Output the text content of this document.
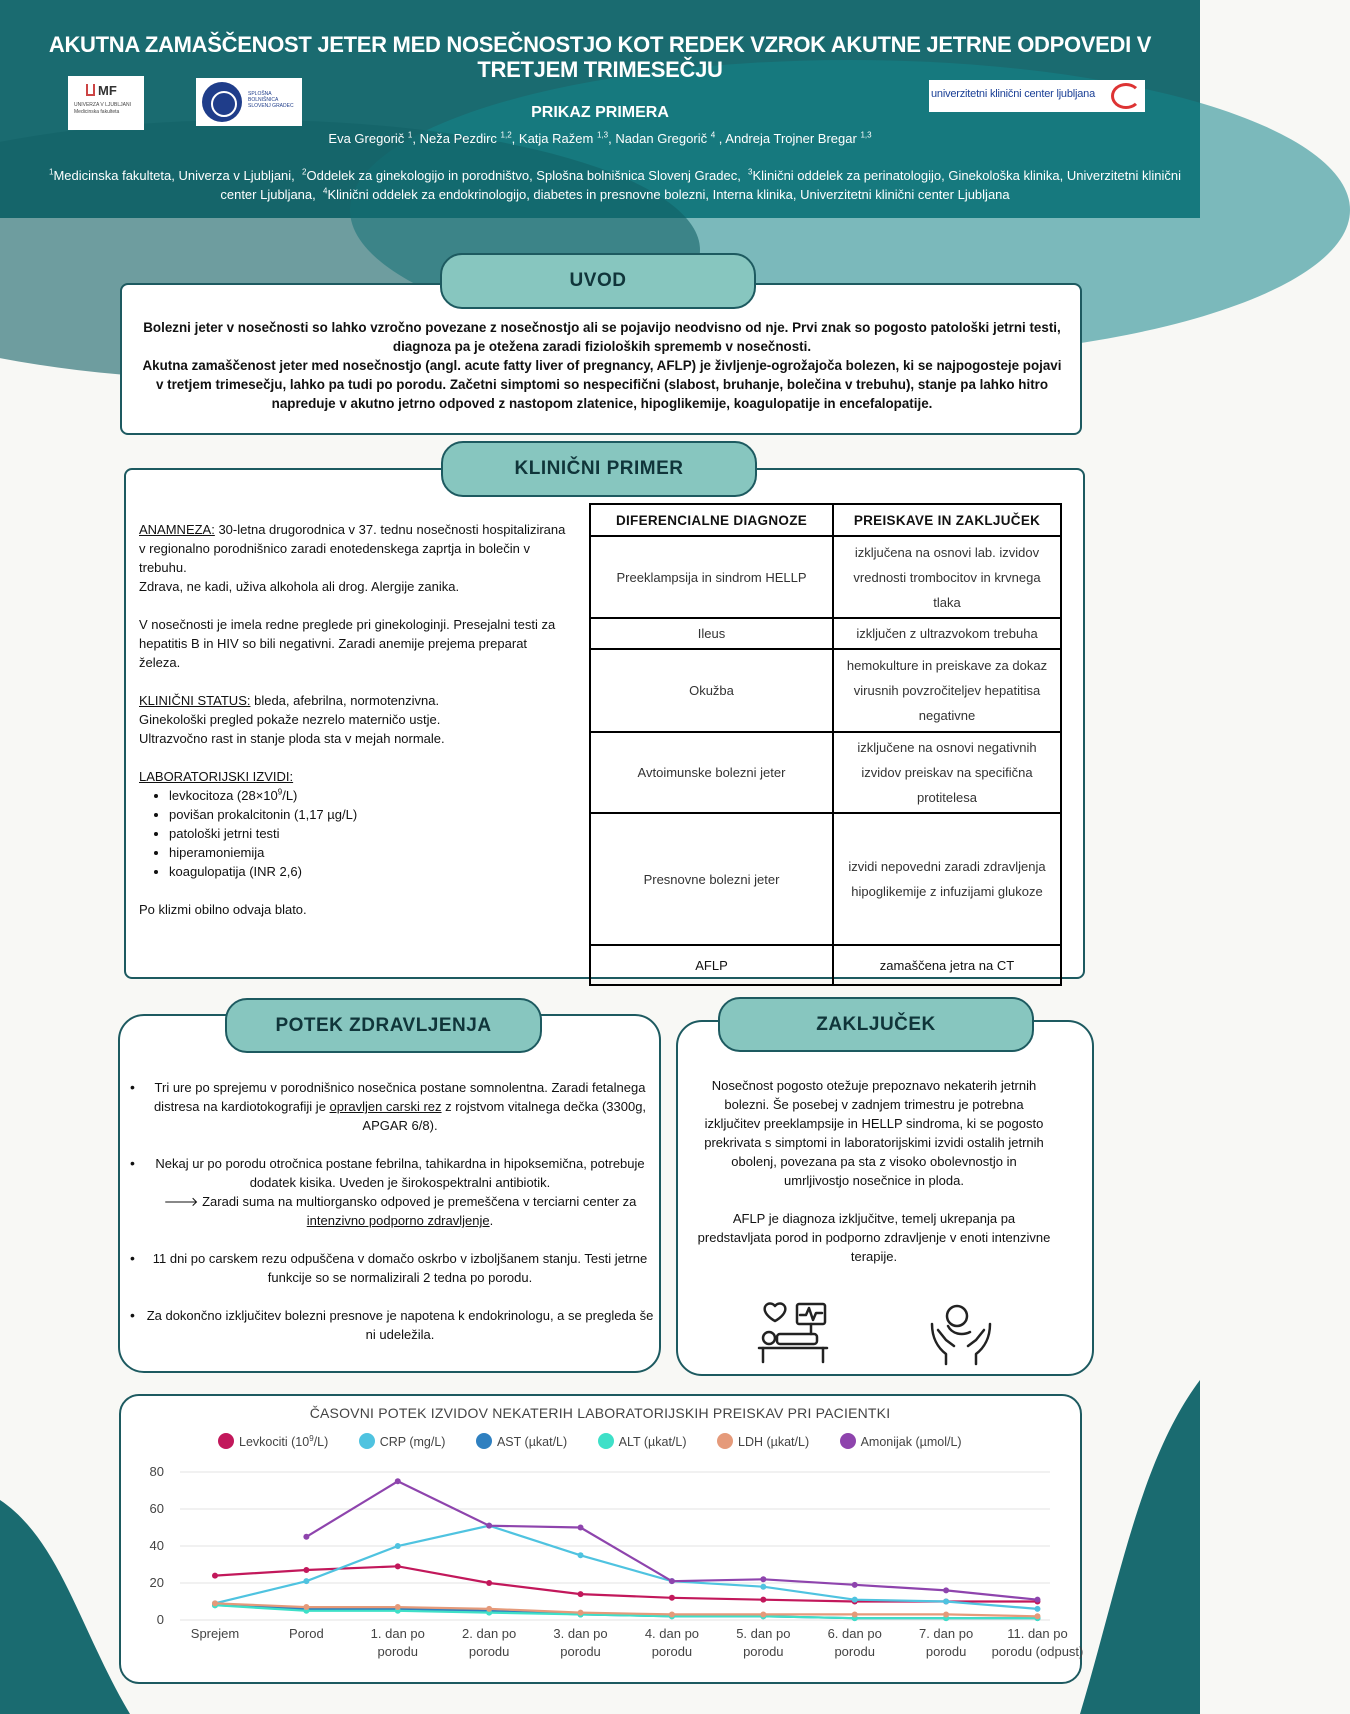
AKUTNA ZAMAŠČENOST JETER MED NOSEČNOSTJO KOT REDEK VZROK AKUTNE JETRNE ODPOVEDI V TRETJEM TRIMESEČJU
MF
UNIVERZA V LJUBLJANI Medicinska fakulteta
SPLOŠNA BOLNIŠNICA SLOVENJ GRADEC
univerzitetni klinični center ljubljana
PRIKAZ PRIMERA
Eva Gregorič $^1$, Neža Pezdirc $^{1,2}$, Katja Ražem $^{1,3}$, Nadan Gregorič $^4$ , Andreja Trojner Bregar $^{1,3}$
$^1$Medicinska fakulteta, Univerza v Ljubljani, $^2$Oddelek za ginekologijo in porodništvo, Splošna bolnišnica Slovenj Gradec, $^3$Klinični oddelek za perinatologijo, Ginekološka klinika, Univerzitetni klinični center Ljubljana, $^4$Klinični oddelek za endokrinologijo, diabetes in presnovne bolezni, Interna klinika, Univerzitetni klinični center Ljubljana
UVOD
Bolezni jeter v nosečnosti so lahko vzročno povezane z nosečnostjo ali se pojavijo neodvisno od nje. Prvi znak so pogosto patološki jetrni testi, diagnoza pa je otežena zaradi fizioloških sprememb v nosečnosti.
Akutna zamaščenost jeter med nosečnostjo (angl. acute fatty liver of pregnancy, AFLP) je življenje-ogrožajoča bolezen, ki se najpogosteje pojavi v tretjem trimesečju, lahko pa tudi po porodu. Začetni simptomi so nespecifični (slabost, bruhanje, bolečina v trebuhu), stanje pa lahko hitro napreduje v akutno jetrno odpoved z nastopom zlatenice, hipoglikemije, koagulopatije in encefalopatije.
KLINIČNI PRIMER

ANAMNEZA: 30-letna drugorodnica v 37. tednu nosečnosti hospitalizirana v regionalno porodnišnico zaradi enotedenskega zaprtja in bolečin v trebuhu.
Zdrava, ne kadi, uživa alkohola ali drog. Alergije zanika.

V nosečnosti je imela redne preglede pri ginekologinji. Presejalni testi za hepatitis B in HIV so bili negativni. Zaradi anemije prejema preparat železa.

KLINIČNI STATUS: bleda, afebrilna, normotenzivna.
Ginekološki pregled pokaže nezrelo materničo ustje.
Ultrazvočno rast in stanje ploda sta v mejah normale.

LABORATORIJSKI IZVIDI:
• levkocitoza $(28\times 10^9/L)$
• povišan prokalcitonin (1,17 µg/L)
• patološki jetrni testi
• hiperamoniemija
• koagulopatija (INR 2,6)

Po klizmi obilno odvaja blato.

DIFERENCIALNE DIAGNOZE	PREISKAVE IN ZAKLJUČEK
Preeklampsija in sindrom HELLP	izključena na osnovi lab. izvidov vrednosti trombocitov in krvnega tlaka
Ileus	izključen z ultrazvokom trebuha
Okužba	hemokulture in preiskave za dokaz virusnih povzročiteljev hepatitisa negativne
Avtoimunske bolezni jeter	izključene na osnovi negativnih izvidov preiskav na specifična protitelesa
Presnovne bolezni jeter	izvidi nepovedni zaradi zdravljenja hipoglikemije z infuzijami glukoze
AFLP	zamaščena jetra na CT
POTEK ZDRAVLJENJA
• Tri ure po sprejemu v porodnišnico nosečnica postane somnolentna. Zaradi fetalnega distresa na kardiotokografiji je opravljen carski rez z rojstvom vitalnega dečka (3300g, APGAR 6/8).
• Nekaj ur po porodu otročnica postane febrilna, tahikardna in hipoksemična, potrebuje dodatek kisika. Uveden je širokospektralni antibiotik.
🡒 Zaradi suma na multiorgansko odpoved je premeščena v terciarni center za intenzivno podporno zdravljenje.
• 11 dni po carskem rezu odpuščena v domačo oskrbo v izboljšanem stanju. Testi jetrne funkcije so se normalizirali 2 tedna po porodu.
• Za dokončno izključitev bolezni presnove je napotena k endokrinologu, a se pregleda še ni udeležila.
ZAKLJUČEK

Nosečnost pogosto otežuje prepoznavo nekaterih jetrnih bolezni. Še posebej v zadnjem trimestru je potrebna izključitev preeklampsije in HELLP sindroma, ki se pogosto prekrivata s simptomi in laboratorijskimi izvidi ostalih jetrnih obolenj, povezana pa sta z visoko obolevnostjo in umrljivostjo nosečnice in ploda.

AFLP je diagnoza izključitve, temelj ukrepanja pa predstavljata porod in podporno zdravljenje v enoti intenzivne terapije.

ČASOVNI POTEK IZVIDOV NEKATERIH LABORATORIJSKIH PREISKAV PRI PACIENTKI
Levkociti $(10^9/L)$	CRP (mg/L)	AST (µkat/L)	ALT (µkat/L)	LDH (µkat/L)	Amonijak (µmol/L)
0
20
40
60
80
Sprejem	Porod	1. dan po
porodu
2. dan po
porodu
3. dan po
porodu
4. dan po
porodu
5. dan po
porodu
6. dan po
porodu
7. dan po
porodu
11. dan po
porodu (odpust)
